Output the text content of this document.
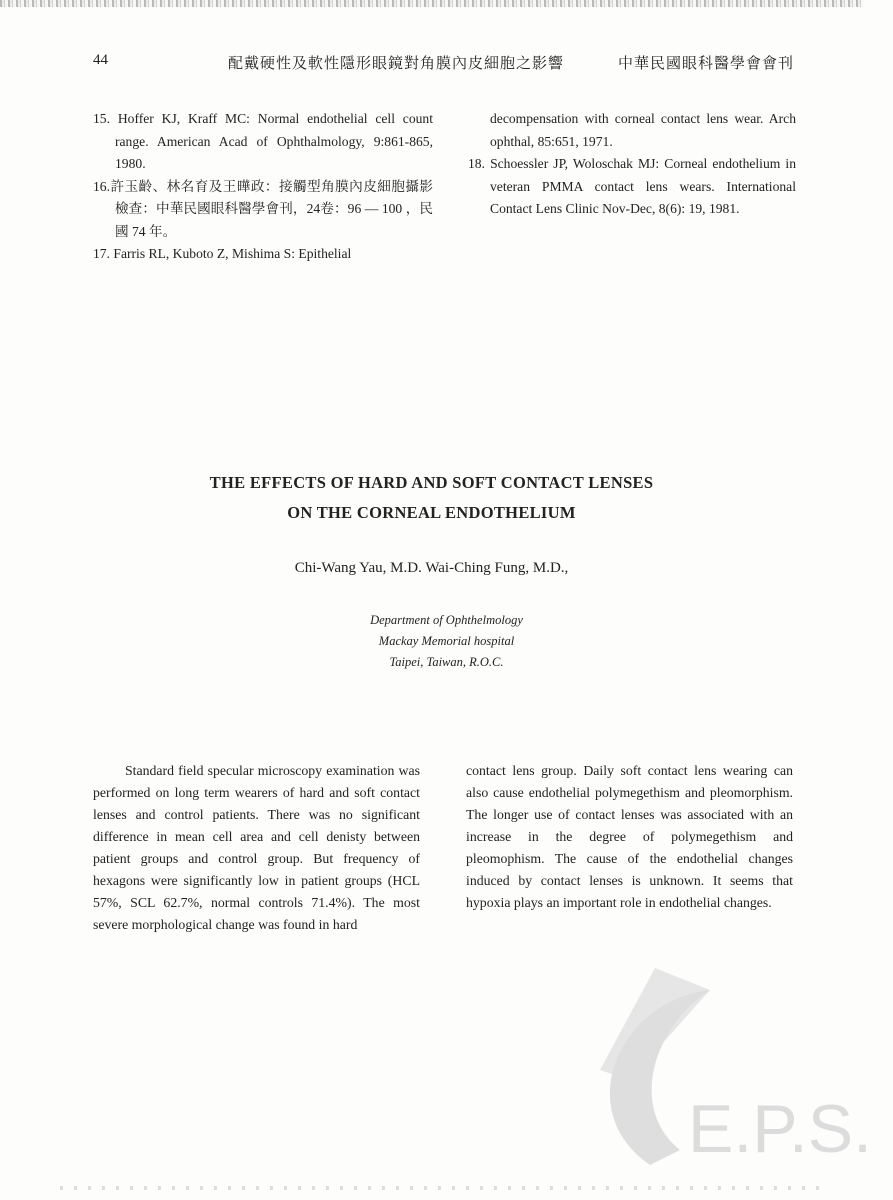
44	配戴硬性及軟性隱形眼鏡對角膜內皮細胞之影響	中華民國眼科醫學會會刊
15. Hoffer KJ, Kraff MC: Normal endothelial cell count range. American Acad of Ophthalmology, 9:861-865, 1980.
16.許玉齡、林名育及王曄政：接觸型角膜內皮細胞攝影檢查：中華民國眼科醫學會刊，24卷：96 — 100 ，民國 74 年。
17. Farris RL, Kuboto Z, Mishima S: Epithelial
decompensation with corneal contact lens wear. Arch ophthal, 85:651, 1971.
18. Schoessler JP, Woloschak MJ: Corneal endothelium in veteran PMMA contact lens wears. International Contact Lens Clinic Nov-Dec, 8(6): 19, 1981.
THE EFFECTS OF HARD AND SOFT CONTACT LENSES
ON THE CORNEAL ENDOTHELIUM
Chi-Wang Yau, M.D. Wai-Ching Fung, M.D.,
Department of Ophthelmology
Mackay Memorial hospital
Taipei, Taiwan, R.O.C.
Standard field specular microscopy examination was performed on long term wearers of hard and soft contact lenses and control patients. There was no significant difference in mean cell area and cell denisty between patient groups and control group. But frequency of hexagons were significantly low in patient groups (HCL 57%, SCL 62.7%, normal controls 71.4%). The most severe morphological change was found in hard
contact lens group. Daily soft contact lens wearing can also cause endothelial polymegethism and pleomorphism. The longer use of contact lenses was associated with an increase in the degree of polymegethism and pleomophism. The cause of the endothelial changes induced by contact lenses is unknown. It seems that hypoxia plays an important role in endothelial changes.
E.P.S.
